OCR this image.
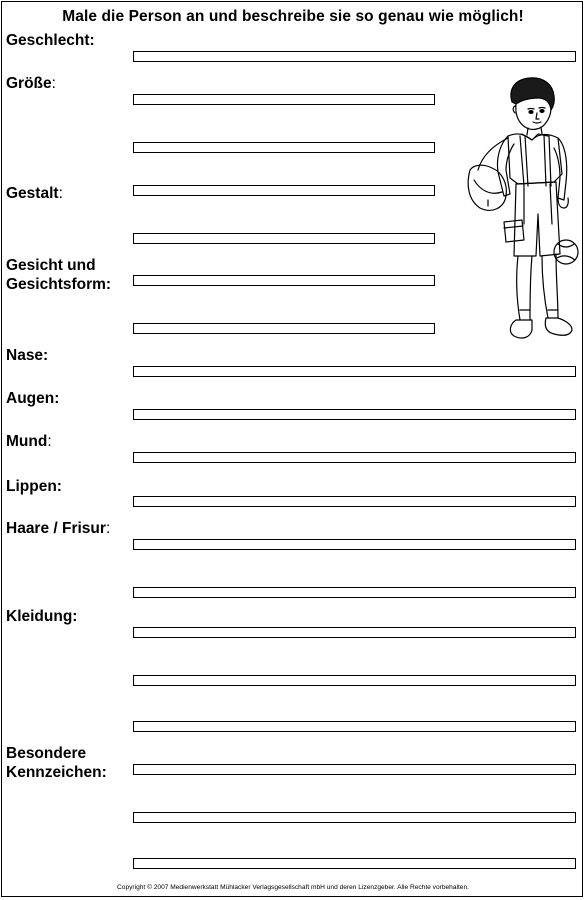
Male die Person an und beschreibe sie so genau wie möglich!
Geschlecht:
Größe:
Gestalt:
Gesicht und
Gesichtsform:
Nase:
Augen:
Mund:
Lippen:
Haare / Frisur:
Kleidung:
Besondere
Kennzeichen:
Copyright © 2007 Medienwerkstatt Mühlacker Verlagsgesellschaft mbH und deren Lizenzgeber. Alle Rechte vorbehalten.
